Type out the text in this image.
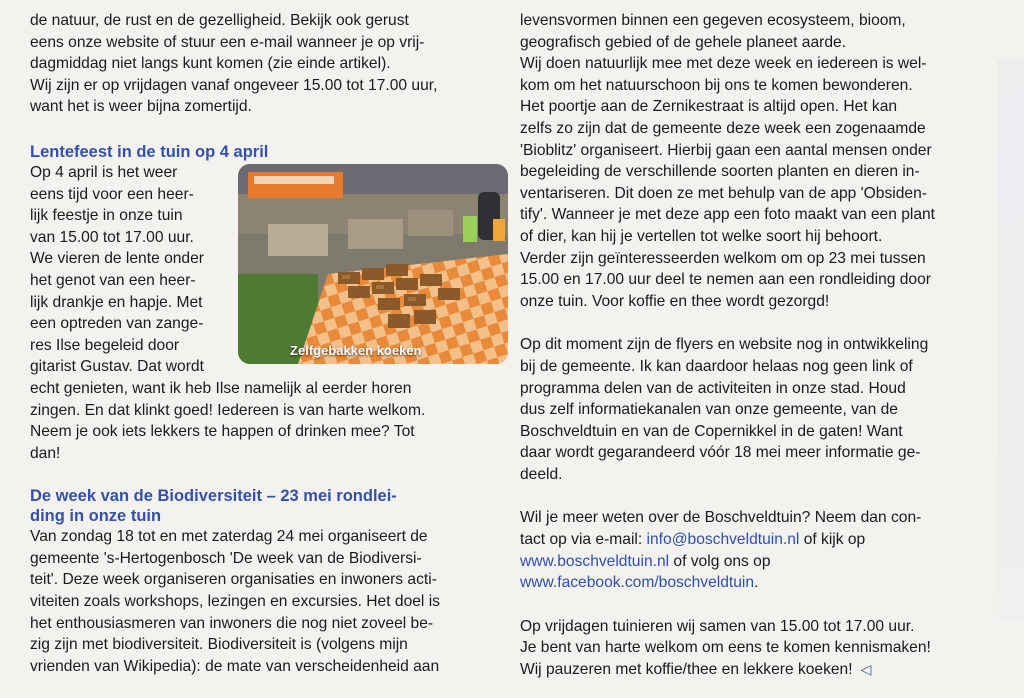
de natuur, de rust en de gezelligheid. Bekijk ook gerust
eens onze website of stuur een e-mail wanneer je op vrij-
dagmiddag niet langs kunt komen (zie einde artikel).
Wij zijn er op vrijdagen vanaf ongeveer 15.00 tot 17.00 uur,
want het is weer bijna zomertijd.

Lentefeest in de tuin op 4 april

Op 4 april is het weer
eens tijd voor een heer-
lijk feestje in onze tuin
van 15.00 tot 17.00 uur.
We vieren de lente onder
het genot van een heer-
lijk drankje en hapje. Met
een optreden van zange-
res Ilse begeleid door
gitarist Gustav. Dat wordt

Zelfgebakken koeken

echt genieten, want ik heb Ilse namelijk al eerder horen
zingen. En dat klinkt goed! Iedereen is van harte welkom.
Neem je ook iets lekkers te happen of drinken mee? Tot
dan!

De week van de Biodiversiteit – 23 mei rondlei-
ding in onze tuin

Van zondag 18 tot en met zaterdag 24 mei organiseert de
gemeente 's-Hertogenbosch 'De week van de Biodiversi-
teit'. Deze week organiseren organisaties en inwoners acti-
viteiten zoals workshops, lezingen en excursies. Het doel is
het enthousiasmeren van inwoners die nog niet zoveel be-
zig zijn met biodiversiteit. Biodiversiteit is (volgens mijn
vrienden van Wikipedia): de mate van verscheidenheid aan

levensvormen binnen een gegeven ecosysteem, bioom,
geografisch gebied of de gehele planeet aarde.
Wij doen natuurlijk mee met deze week en iedereen is wel-
kom om het natuurschoon bij ons te komen bewonderen.
Het poortje aan de Zernikestraat is altijd open. Het kan
zelfs zo zijn dat de gemeente deze week een zogenaamde
'Bioblitz' organiseert. Hierbij gaan een aantal mensen onder
begeleiding de verschillende soorten planten en dieren in-
ventariseren. Dit doen ze met behulp van de app 'Obsiden-
tify'. Wanneer je met deze app een foto maakt van een plant
of dier, kan hij je vertellen tot welke soort hij behoort.
Verder zijn geïnteresseerden welkom om op 23 mei tussen
15.00 en 17.00 uur deel te nemen aan een rondleiding door
onze tuin. Voor koffie en thee wordt gezorgd!

Op dit moment zijn de flyers en website nog in ontwikkeling
bij de gemeente. Ik kan daardoor helaas nog geen link of
programma delen van de activiteiten in onze stad. Houd
dus zelf informatiekanalen van onze gemeente, van de
Boschveldtuin en van de Copernikkel in de gaten! Want
daar wordt gegarandeerd vóór 18 mei meer informatie ge-
deeld.

Wil je meer weten over de Boschveldtuin? Neem dan con-
tact op via e-mail: info@boschveldtuin.nl of kijk op
www.boschveldtuin.nl of volg ons op
www.facebook.com/boschveldtuin.

Op vrijdagen tuinieren wij samen van 15.00 tot 17.00 uur.
Je bent van harte welkom om eens te komen kennismaken!
Wij pauzeren met koffie/thee en lekkere koeken! ◁
